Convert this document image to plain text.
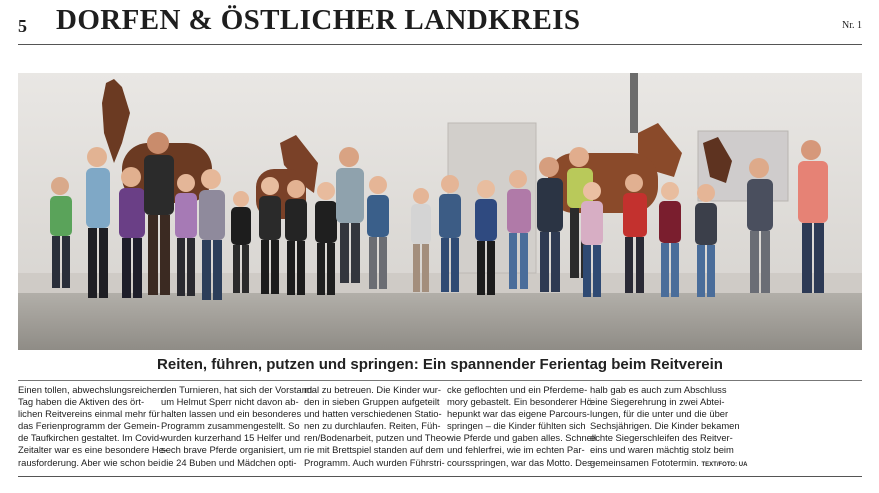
5 DORFEN & ÖSTLICHER LANDKREIS	Nr. 1
Reiten, führen, putzen und springen: Ein spannender Ferientag beim Reitverein
Einen tollen, abwechslungsreichen
Tag haben die Aktiven des ört-
lichen Reitvereins einmal mehr für
das Ferienprogramm der Gemein-
de Taufkirchen gestaltet. Im Covid-
Zeitalter war es eine besondere He-
rausforderung. Aber wie schon bei
den Turnieren, hat sich der Vorstand
um Helmut Sperr nicht davon ab-
halten lassen und ein besonderes
Programm zusammengestellt. So
wurden kurzerhand 15 Helfer und
sech brave Pferde organisiert, um
die 24 Buben und Mädchen opti-
mal zu betreuen. Die Kinder wur-
den in sieben Gruppen aufgeteilt
und hatten verschiedenen Statio-
nen zu durchlaufen. Reiten, Füh-
ren/Bodenarbeit, putzen und Theo-
rie mit Brettspiel standen auf dem
Programm. Auch wurden Führstri-
cke geflochten und ein Pferdeme-
mory gebastelt. Ein besonderer Hö-
hepunkt war das eigene Parcours-
springen – die Kinder fühlten sich
wie Pferde und gaben alles. Schnell
und fehlerfrei, wie im echten Par-
coursspringen, war das Motto. Des-
halb gab es auch zum Abschluss
eine Siegerehrung in zwei Abtei-
lungen, für die unter und die über
Sechsjährigen. Die Kinder bekamen
echte Siegerschleifen des Reitver-
eins und waren mächtig stolz beim
gemeinsamen Fototermin. TEXT/FOTO: UA
